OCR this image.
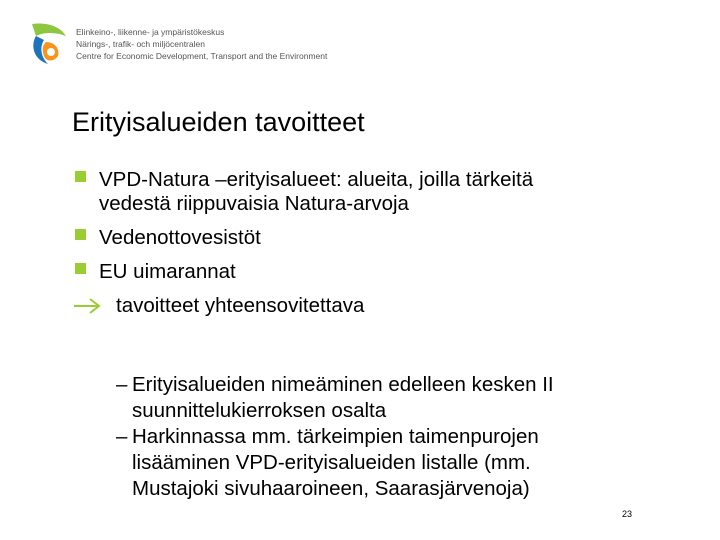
Elinkeino-, liikenne- ja ympäristökeskus
Närings-, trafik- och miljöcentralen
Centre for Economic Development, Transport and the Environment
Erityisalueiden tavoitteet
VPD-Natura –erityisalueet: alueita, joilla tärkeitä
vedestä riippuvaisia Natura-arvoja
Vedenottovesistöt
EU uimarannat
tavoitteet yhteensovitettava
– Erityisalueiden nimeäminen edelleen kesken II
suunnittelukierroksen osalta
– Harkinnassa mm. tärkeimpien taimenpurojen
lisääminen VPD-erityisalueiden listalle (mm.
Mustajoki sivuhaaroineen, Saarasjärvenoja)
23
